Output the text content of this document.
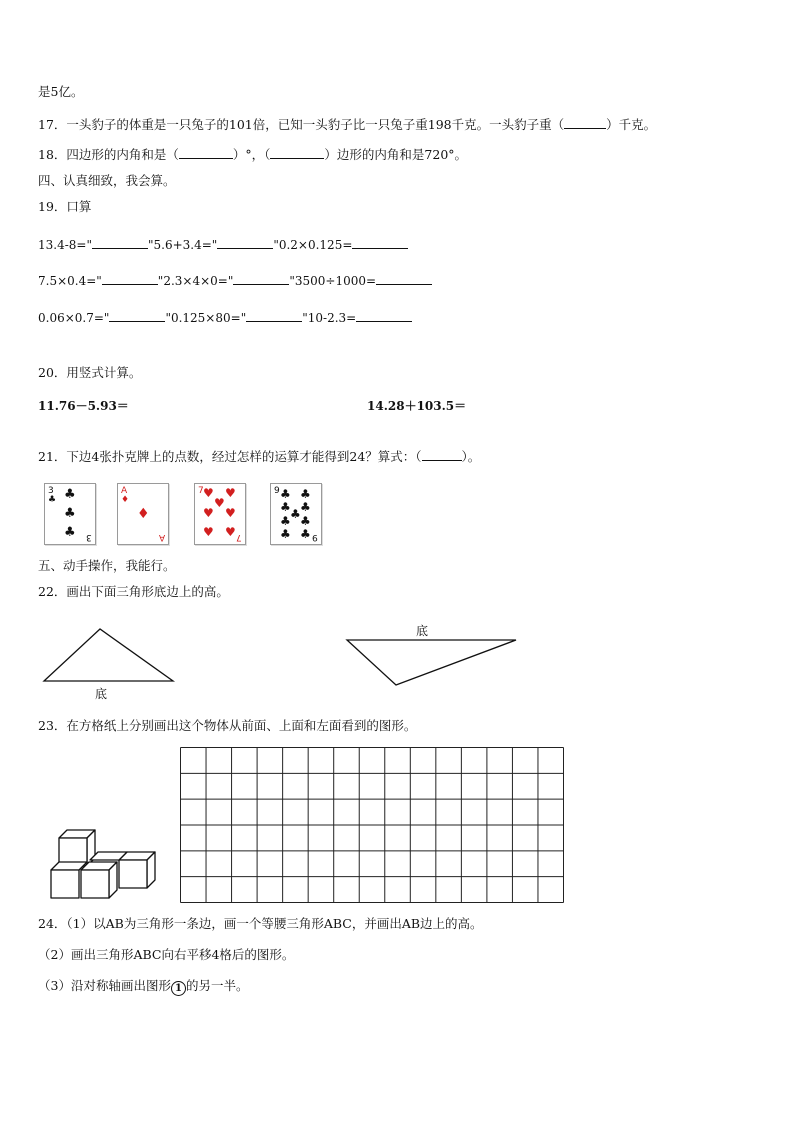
是5亿。
17．一头豹子的体重是一只兔子的101倍，已知一头豹子比一只兔子重198千克。一头豹子重（	）千克。
18．四边形的内角和是（	）°，（	）边形的内角和是720°。
四、认真细致，我会算。
19．口算
13.4-8="	"5.6+3.4="	"0.2×0.125=
7.5×0.4="	"2.3×4×0="	"3500÷1000=
0.06×0.7="	"0.125×80="	"10-2.3=
20．用竖式计算。
11.76－5.93＝	14.28＋103.5＝
21．下边4张扑克牌上的点数，经过怎样的运算才能得到24？算式：（	）。
3
♣ ♣
♣
♣ 3
A
♦
♦
A
7 ♥ ♥
♥
♥ ♥
♥ ♥ 7
9 ♣ ♣
♣ ♣
♣
♣ ♣
♣ ♣ 9
五、动手操作，我能行。
22．画出下面三角形底边上的高。
底
底
23．在方格纸上分别画出这个物体从前面、上面和左面看到的图形。
24．（1）以AB为三角形一条边，画一个等腰三角形ABC，并画出AB边上的高。
（2）画出三角形ABC向右平移4格后的图形。
（3）沿对称轴画出图形 1 的另一半。
